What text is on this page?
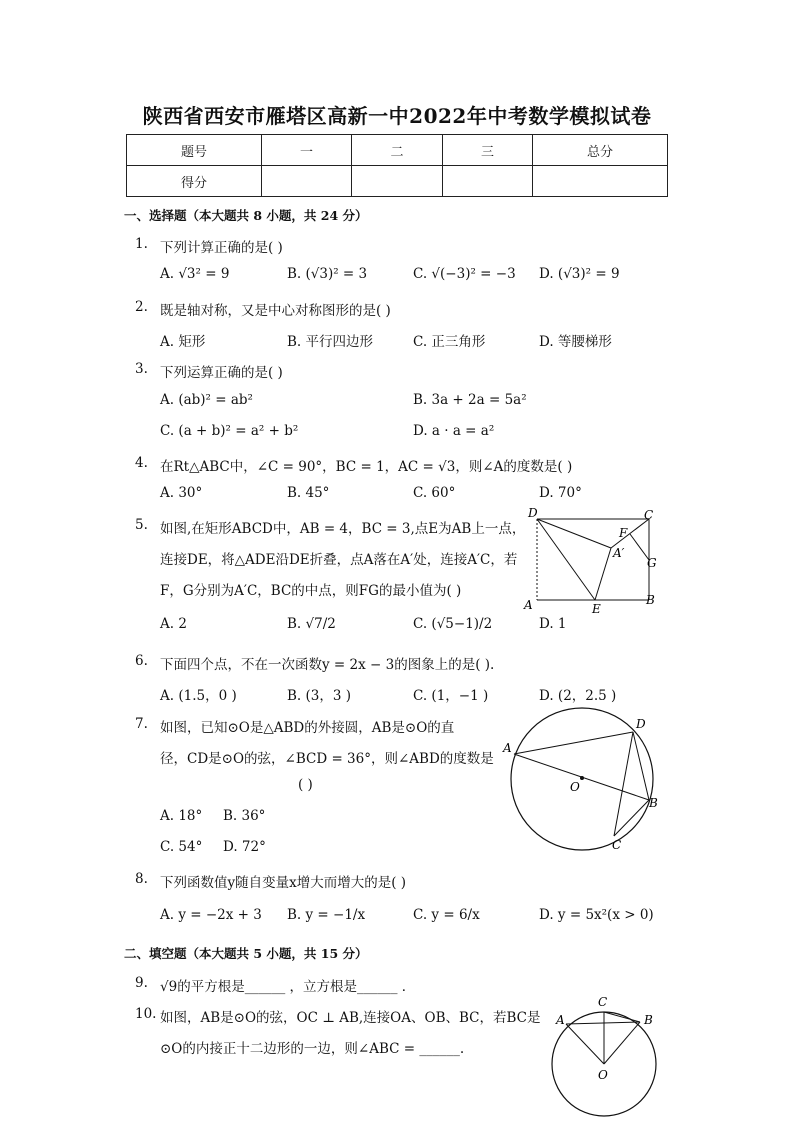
陕西省西安市雁塔区高新一中2022年中考数学模拟试卷
题号	一	二	三	总分
得分				
一、选择题（本大题共 8 小题，共 24 分）
1. 下列计算正确的是( )
A. √3² = 9	B. (√3)² = 3	C. √(−3)² = −3 D. (√3)² = 9
2. 既是轴对称，又是中心对称图形的是( )
A. 矩形	B. 平行四边形	C. 正三角形	D. 等腰梯形
3. 下列运算正确的是( )
A. (ab)² = ab²	B. 3a + 2a = 5a²
C. (a + b)² = a² + b²	D. a · a = a²
4. 在Rt△ABC中，∠C = 90°，BC = 1，AC = √3，则∠A的度数是( )
A. 30°	B. 45°	C. 60°	D. 70°
5. 如图,在矩形ABCD中，AB = 4，BC = 3,点E为AB上一点，
连接DE，将△ADE沿DE折叠，点A落在A′处，连接A′C，若
F，G分别为A′C，BC的中点，则FG的最小值为( )
A. 2	B. √7/2	C. (√5−1)/2	D. 1
D	C
F
A′
G
A	E
B
6. 下面四个点，不在一次函数y = 2x − 3的图象上的是( ).
A. (1.5，0 )	B. (3，3 )	C. (1，−1 )	D. (2，2.5 )
7. 如图，已知⊙O是△ABD的外接圆，AB是⊙O的直
径，CD是⊙O的弦，∠BCD = 36°，则∠ABD的度数是
( )
A. 18° B. 36°
C. 54° D. 72°
A
D
O
B
C
8. 下列函数值y随自变量x增大而增大的是( )
A. y = −2x + 3 B. y = −1/x	C. y = 6/x	D. y = 5x²(x > 0)
二、填空题（本大题共 5 小题，共 15 分）
9. √9的平方根是______ ，立方根是______ ．
10. 如图，AB是⊙O的弦，OC ⊥ AB,连接OA、OB、BC，若BC是
⊙O的内接正十二边形的一边，则∠ABC = ______.
C
A	B
O
